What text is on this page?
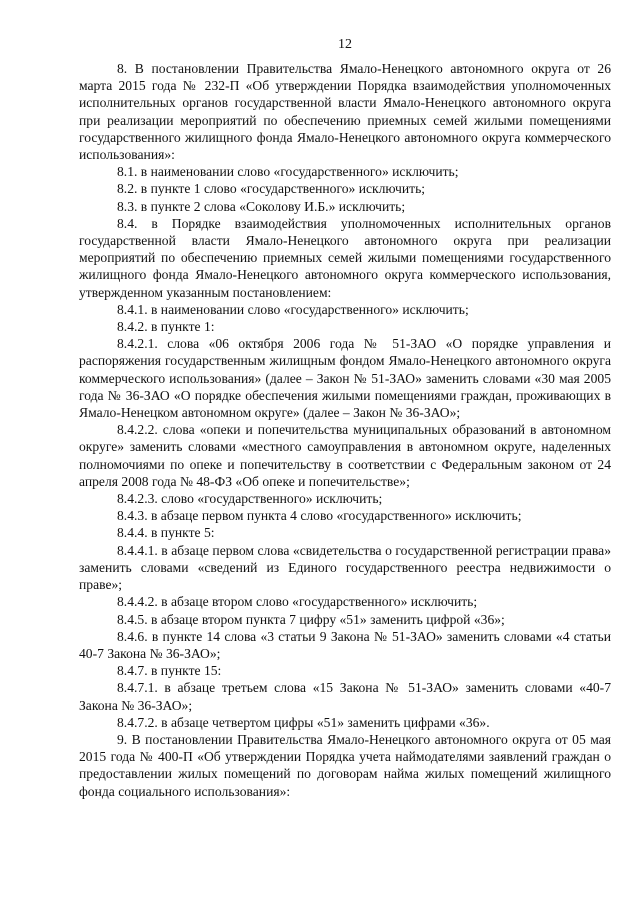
12

8. В постановлении Правительства Ямало-Ненецкого автономного округа от 26 марта 2015 года № 232-П «Об утверждении Порядка взаимодействия уполномоченных исполнительных органов государственной власти Ямало-Ненецкого автономного округа при реализации мероприятий по обеспечению приемных семей жилыми помещениями государственного жилищного фонда Ямало-Ненецкого автономного округа коммерческого использования»:

8.1. в наименовании слово «государственного» исключить;

8.2. в пункте 1 слово «государственного» исключить;

8.3. в пункте 2 слова «Соколову И.Б.» исключить;

8.4. в Порядке взаимодействия уполномоченных исполнительных органов государственной власти Ямало-Ненецкого автономного округа при реализации мероприятий по обеспечению приемных семей жилыми помещениями государственного жилищного фонда Ямало-Ненецкого автономного округа коммерческого использования, утвержденном указанным постановлением:

8.4.1. в наименовании слово «государственного» исключить;

8.4.2. в пункте 1:

8.4.2.1. слова «06 октября 2006 года № 51-ЗАО «О порядке управления и распоряжения государственным жилищным фондом Ямало-Ненецкого автономного округа коммерческого использования» (далее – Закон № 51-ЗАО» заменить словами «30 мая 2005 года № 36-ЗАО «О порядке обеспечения жилыми помещениями граждан, проживающих в Ямало-Ненецком автономном округе» (далее – Закон № 36-ЗАО»;

8.4.2.2. слова «опеки и попечительства муниципальных образований в автономном округе» заменить словами «местного самоуправления в автономном округе, наделенных полномочиями по опеке и попечительству в соответствии с Федеральным законом от 24 апреля 2008 года № 48-ФЗ «Об опеке и попечительстве»;

8.4.2.3. слово «государственного» исключить;

8.4.3. в абзаце первом пункта 4 слово «государственного» исключить;

8.4.4. в пункте 5:

8.4.4.1. в абзаце первом слова «свидетельства о государственной регистрации права» заменить словами «сведений из Единого государственного реестра недвижимости о праве»;

8.4.4.2. в абзаце втором слово «государственного» исключить;

8.4.5. в абзаце втором пункта 7 цифру «51» заменить цифрой «36»;

8.4.6. в пункте 14 слова «3 статьи 9 Закона № 51-ЗАО» заменить словами «4 статьи 40-7 Закона № 36-ЗАО»;

8.4.7. в пункте 15:

8.4.7.1. в абзаце третьем слова «15 Закона № 51-ЗАО» заменить словами «40-7 Закона № 36-ЗАО»;

8.4.7.2. в абзаце четвертом цифры «51» заменить цифрами «36».

9. В постановлении Правительства Ямало-Ненецкого автономного округа от 05 мая 2015 года № 400-П «Об утверждении Порядка учета наймодателями заявлений граждан о предоставлении жилых помещений по договорам найма жилых помещений жилищного фонда социального использования»:
